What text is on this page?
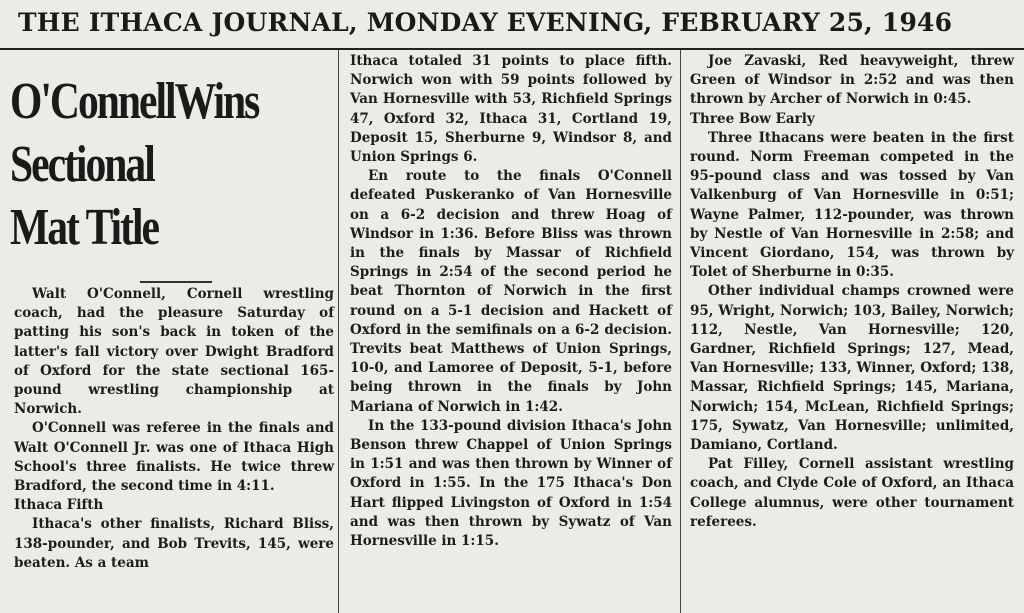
THE ITHACA JOURNAL, MONDAY EVENING, FEBRUARY 25, 1946
O'ConnellWins
Sectional
Mat Title

Walt O'Connell, Cornell wrestling coach, had the pleasure Saturday of patting his son's back in token of the latter's fall victory over Dwight Bradford of Oxford for the state sectional 165-pound wrestling championship at Norwich.

O'Connell was referee in the finals and Walt O'Connell Jr. was one of Ithaca High School's three finalists. He twice threw Bradford, the second time in 4:11.

Ithaca Fifth

Ithaca's other finalists, Richard Bliss, 138-pounder, and Bob Trevits, 145, were beaten. As a team

Ithaca totaled 31 points to place fifth. Norwich won with 59 points followed by Van Hornesville with 53, Richfield Springs 47, Oxford 32, Ithaca 31, Cortland 19, Deposit 15, Sherburne 9, Windsor 8, and Union Springs 6.

En route to the finals O'Connell defeated Puskeranko of Van Hornesville on a 6-2 decision and threw Hoag of Windsor in 1:36. Before Bliss was thrown in the finals by Massar of Richfield Springs in 2:54 of the second period he beat Thornton of Norwich in the first round on a 5-1 decision and Hackett of Oxford in the semifinals on a 6-2 decision. Trevits beat Matthews of Union Springs, 10-0, and Lamoree of Deposit, 5-1, before being thrown in the finals by John Mariana of Norwich in 1:42.

In the 133-pound division Ithaca's John Benson threw Chappel of Union Springs in 1:51 and was then thrown by Winner of Oxford in 1:55. In the 175 Ithaca's Don Hart flipped Livingston of Oxford in 1:54 and was then thrown by Sywatz of Van Hornesville in 1:15.

Joe Zavaski, Red heavyweight, threw Green of Windsor in 2:52 and was then thrown by Archer of Norwich in 0:45.

Three Bow Early

Three Ithacans were beaten in the first round. Norm Freeman competed in the 95-pound class and was tossed by Van Valkenburg of Van Hornesville in 0:51; Wayne Palmer, 112-pounder, was thrown by Nestle of Van Hornesville in 2:58; and Vincent Giordano, 154, was thrown by Tolet of Sherburne in 0:35.

Other individual champs crowned were 95, Wright, Norwich; 103, Bailey, Norwich; 112, Nestle, Van Hornesville; 120, Gardner, Richfield Springs; 127, Mead, Van Hornesville; 133, Winner, Oxford; 138, Massar, Richfield Springs; 145, Mariana, Norwich; 154, McLean, Richfield Springs; 175, Sywatz, Van Hornesville; unlimited, Damiano, Cortland.

Pat Filley, Cornell assistant wrestling coach, and Clyde Cole of Oxford, an Ithaca College alumnus, were other tournament referees.
